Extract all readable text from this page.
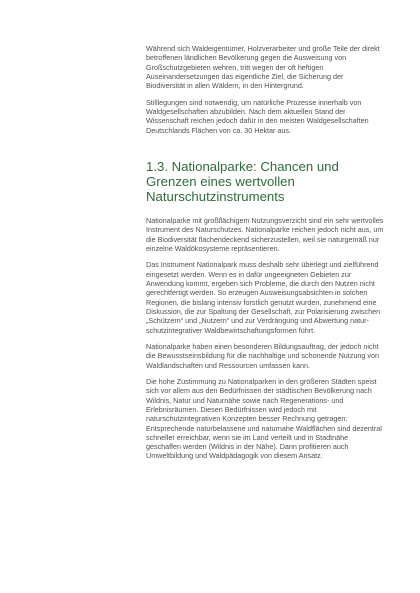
Während sich Waldeigentümer, Holzverarbeiter und große Teile der direkt betroffenen ländlichen Bevölkerung gegen die Ausweisung von Großschutzgebieten wehren, tritt wegen der oft heftigen Auseinandersetzungen das eigentliche Ziel, die Sicherung der Biodiversität in allen Wäldern, in den Hintergrund.

Stilllegungen sind notwendig, um natürliche Prozesse innerhalb von Waldgesellschaften abzubilden. Nach dem aktuellen Stand der Wissenschaft reichen jedoch dafür in den meisten Waldgesellschaften Deutschlands Flächen von ca. 30 Hektar aus.

1.3. Nationalparke: Chancen und Grenzen eines wertvollen Naturschutzinstruments

Nationalparke mit großflächigem Nutzungsverzicht sind ein sehr wertvolles Instrument des Naturschutzes. Nationalparke reichen jedoch nicht aus, um die Biodiversität flächendeckend sicherzustellen, weil sie naturgemäß nur einzelne Waldökosysteme repräsentieren.

Das Instrument Nationalpark muss deshalb sehr überlegt und zielführend eingesetzt werden. Wenn es in dafür ungeeigneten Gebieten zur Anwendung kommt, ergeben sich Probleme, die durch den Nutzen nicht gerechtfertigt werden. So erzeugen Ausweisungsabsichten in solchen Regionen, die bislang intensiv forstlich genutzt wurden, zunehmend eine Diskussion, die zur Spaltung der Gesellschaft, zur Polarisierung zwischen „Schützern“ und „Nutzern“ und zur Verdrängung und Abwertung natur-schutzintegrativer Waldbewirtschaftungsformen führt.

Nationalparke haben einen besonderen Bildungsauftrag, der jedoch nicht die Bewusstseinsbildung für die nachhaltige und schonende Nutzung von Waldlandschaften und Ressourcen umfassen kann.

Die hohe Zustimmung zu Nationalparken in den größeren Städten speist sich vor allem aus den Bedürfnissen der städtischen Bevölkerung nach Wildnis, Natur und Naturnähe sowie nach Regenerations- und Erlebnisräumen. Diesen Bedürfnissen wird jedoch mit naturschutzintegrativen Konzepten besser Rechnung getragen: Entsprechende naturbelassene und naturnahe Waldflächen sind dezentral schneller erreichbar, wenn sie im Land verteilt und in Stadtnähe geschaffen werden (Wildnis in der Nähe). Dann profitieren auch Umweltbildung und Waldpädagogik von diesem Ansatz.
